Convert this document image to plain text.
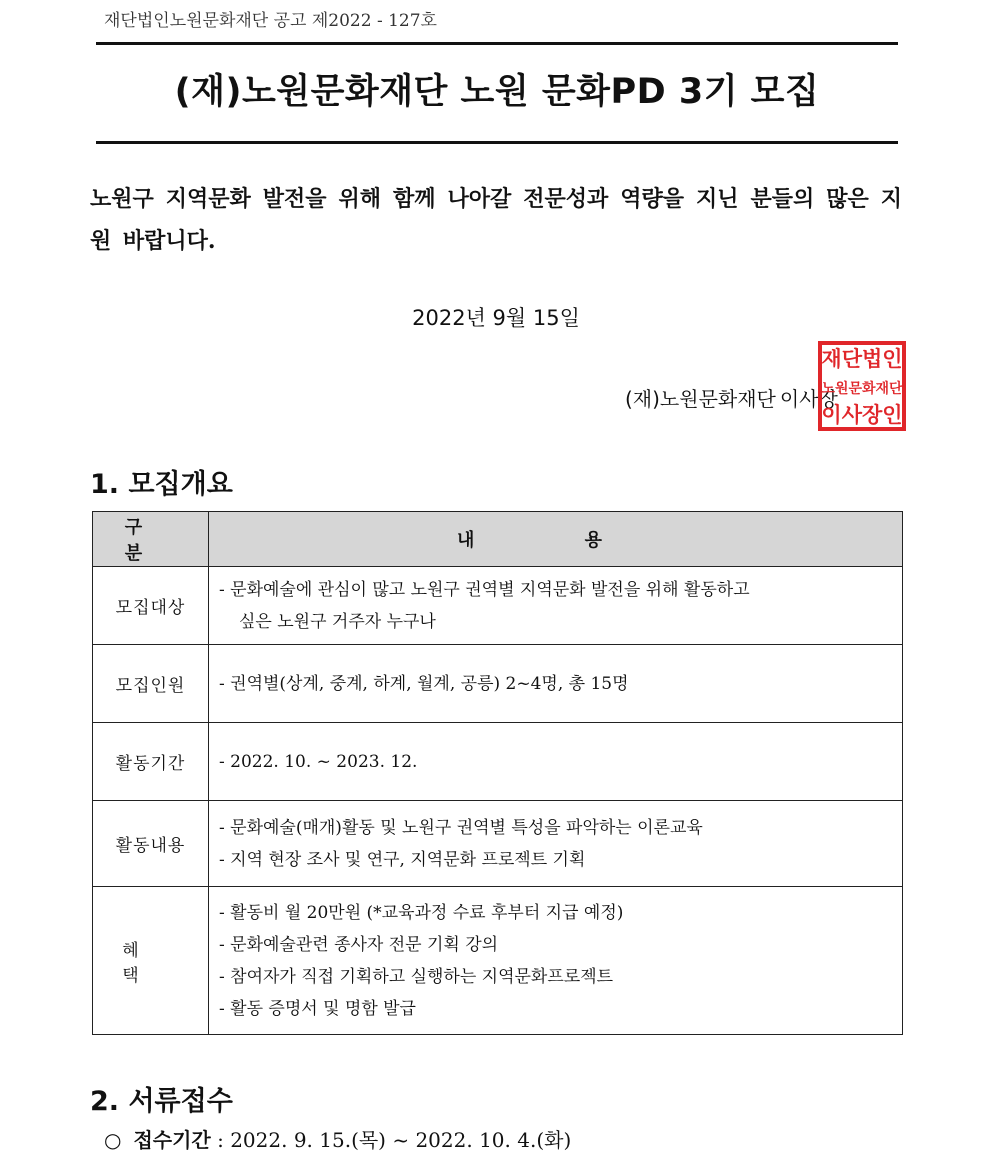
재단법인노원문화재단 공고 제2022 - 127호
(재)노원문화재단 노원 문화PD 3기 모집
노원구 지역문화 발전을 위해 함께 나아갈 전문성과 역량을 지닌 분들의 많은 지원 바랍니다.
2022년 9월 15일
(재)노원문화재단 이사장
재단법인
노원문화재단
이사장인
1. 모집개요
구 분	내 용
모집대상	- 문화예술에 관심이 많고 노원구 권역별 지역문화 발전을 위해 활동하고
싶은 노원구 거주자 누구나

모집인원	- 권역별(상계, 중계, 하계, 월계, 공릉) 2~4명, 총 15명

활동기간	- 2022. 10. ~ 2023. 12.

활동내용	- 문화예술(매개)활동 및 노원구 권역별 특성을 파악하는 이론교육
- 지역 현장 조사 및 연구, 지역문화 프로젝트 기획

혜 택	- 활동비 월 20만원 (*교육과정 수료 후부터 지급 예정)
- 문화예술관련 종사자 전문 기획 강의
- 참여자가 직접 기획하고 실행하는 지역문화프로젝트
- 활동 증명서 및 명함 발급
2. 서류접수
○ 접수기간 : 2022. 9. 15.(목) ~ 2022. 10. 4.(화)
